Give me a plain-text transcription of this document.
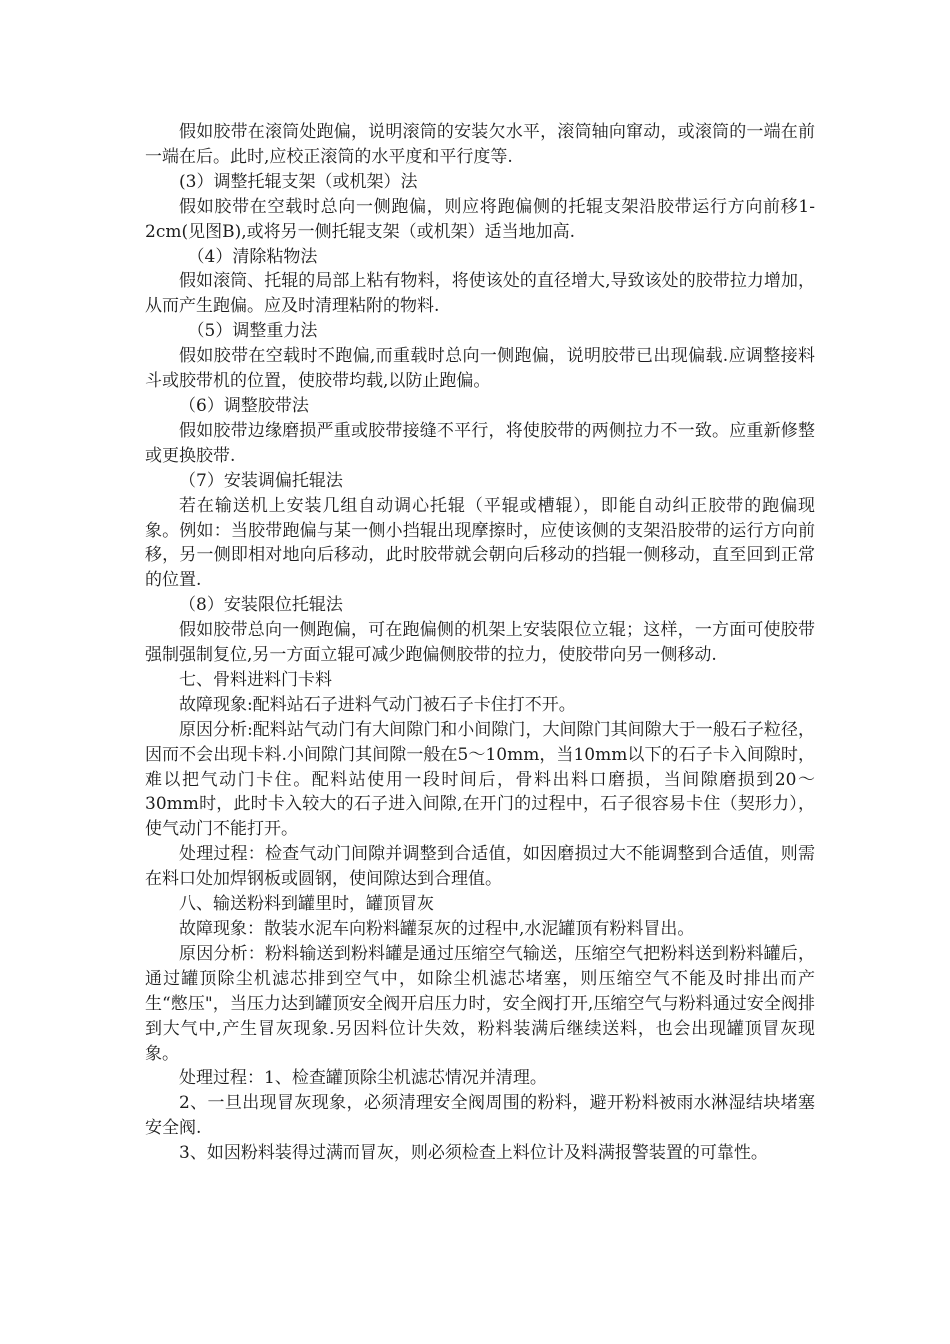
假如胶带在滚筒处跑偏，说明滚筒的安装欠水平，滚筒轴向窜动，或滚筒的一端在前一端在后。此时,应校正滚筒的水平度和平行度等.

(3）调整托辊支架（或机架）法

假如胶带在空载时总向一侧跑偏，则应将跑偏侧的托辊支架沿胶带运行方向前移1-2cm(见图B),或将另一侧托辊支架（或机架）适当地加高.

（4）清除粘物法

假如滚筒、托辊的局部上粘有物料，将使该处的直径增大,导致该处的胶带拉力增加，从而产生跑偏。应及时清理粘附的物料.

（5）调整重力法

假如胶带在空载时不跑偏,而重载时总向一侧跑偏，说明胶带已出现偏载.应调整接料斗或胶带机的位置，使胶带均载,以防止跑偏。

（6）调整胶带法

假如胶带边缘磨损严重或胶带接缝不平行，将使胶带的两侧拉力不一致。应重新修整或更换胶带.

（7）安装调偏托辊法

若在输送机上安装几组自动调心托辊（平辊或槽辊），即能自动纠正胶带的跑偏现象。例如：当胶带跑偏与某一侧小挡辊出现摩擦时，应使该侧的支架沿胶带的运行方向前移，另一侧即相对地向后移动，此时胶带就会朝向后移动的挡辊一侧移动，直至回到正常的位置.

（8）安装限位托辊法

假如胶带总向一侧跑偏，可在跑偏侧的机架上安装限位立辊；这样，一方面可使胶带强制强制复位,另一方面立辊可减少跑偏侧胶带的拉力，使胶带向另一侧移动.

七、骨料进料门卡料

故障现象:配料站石子进料气动门被石子卡住打不开。

原因分析:配料站气动门有大间隙门和小间隙门，大间隙门其间隙大于一般石子粒径，因而不会出现卡料.小间隙门其间隙一般在5～10mm，当10mm以下的石子卡入间隙时，难以把气动门卡住。配料站使用一段时间后，骨料出料口磨损，当间隙磨损到20～30mm时，此时卡入较大的石子进入间隙,在开门的过程中，石子很容易卡住（契形力），使气动门不能打开。

处理过程：检查气动门间隙并调整到合适值，如因磨损过大不能调整到合适值，则需在料口处加焊钢板或圆钢，使间隙达到合理值。

八、输送粉料到罐里时，罐顶冒灰

故障现象：散装水泥车向粉料罐泵灰的过程中,水泥罐顶有粉料冒出。

原因分析：粉料输送到粉料罐是通过压缩空气输送，压缩空气把粉料送到粉料罐后，通过罐顶除尘机滤芯排到空气中，如除尘机滤芯堵塞，则压缩空气不能及时排出而产生“憋压"，当压力达到罐顶安全阀开启压力时，安全阀打开,压缩空气与粉料通过安全阀排到大气中,产生冒灰现象.另因料位计失效，粉料装满后继续送料，也会出现罐顶冒灰现象。

处理过程：1、检查罐顶除尘机滤芯情况并清理。

2、一旦出现冒灰现象，必须清理安全阀周围的粉料，避开粉料被雨水淋湿结块堵塞安全阀.

3、如因粉料装得过满而冒灰，则必须检查上料位计及料满报警装置的可靠性。
